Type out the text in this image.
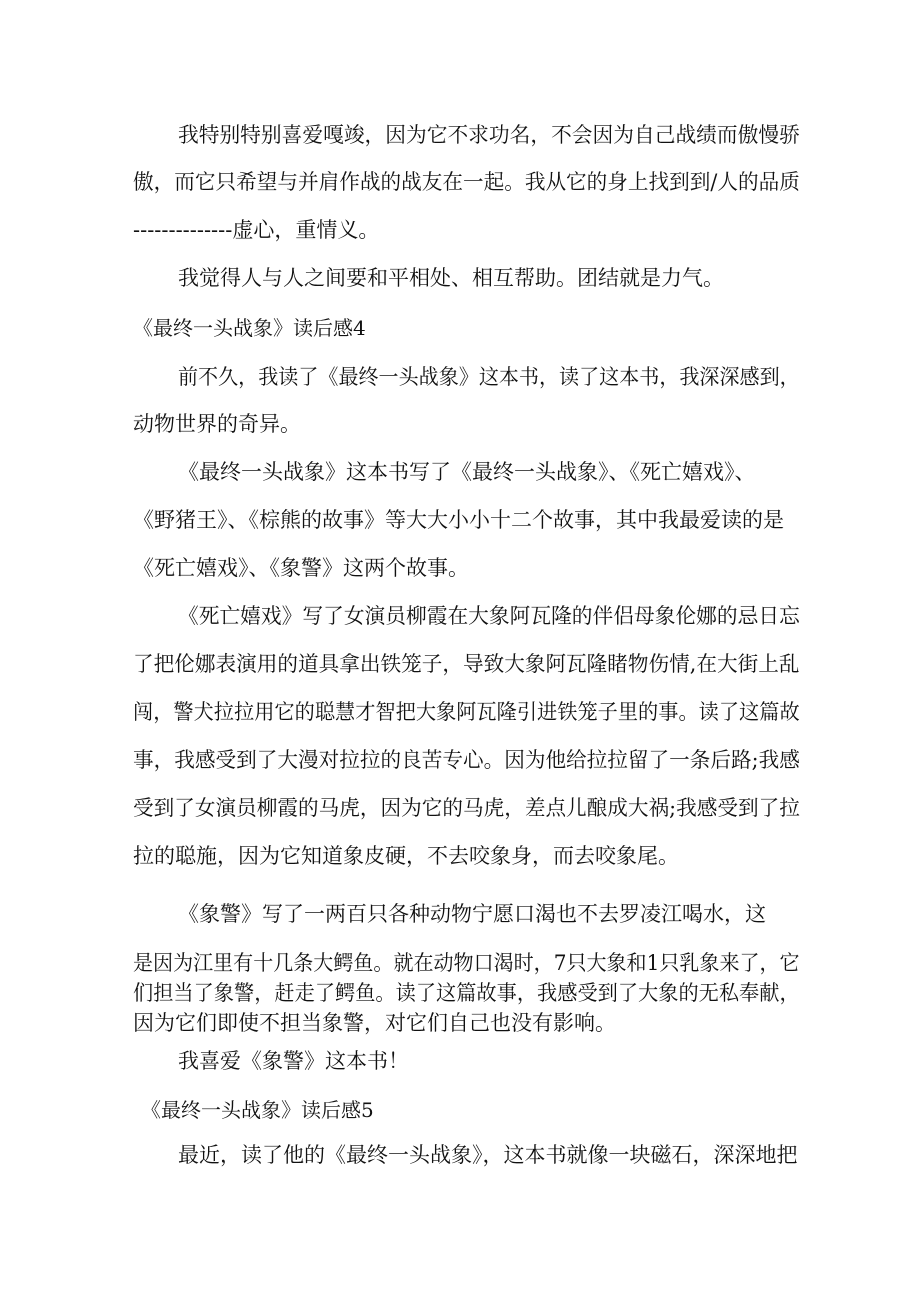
我特别特别喜爱嘎竣，因为它不求功名，不会因为自己战绩而傲慢骄
傲，而它只希望与并肩作战的战友在一起。我从它的身上找到到/人的品质
--------------虚心，重情义。
我觉得人与人之间要和平相处、相互帮助。团结就是力气。
《最终一头战象》读后感4
前不久，我读了《最终一头战象》这本书，读了这本书，我深深感到，
动物世界的奇异。
《最终一头战象》这本书写了《最终一头战象》、《死亡嬉戏》、
《野猪王》、《棕熊的故事》等大大小小十二个故事，其中我最爱读的是
《死亡嬉戏》、《象警》这两个故事。
《死亡嬉戏》写了女演员柳霞在大象阿瓦隆的伴侣母象伦娜的忌日忘
了把伦娜表演用的道具拿出铁笼子，导致大象阿瓦隆睹物伤情,在大街上乱
闯，警犬拉拉用它的聪慧才智把大象阿瓦隆引进铁笼子里的事。读了这篇故
事，我感受到了大漫对拉拉的良苦专心。因为他给拉拉留了一条后路;我感
受到了女演员柳霞的马虎，因为它的马虎，差点儿酿成大祸;我感受到了拉
拉的聪施，因为它知道象皮硬，不去咬象身，而去咬象尾。
《象警》写了一两百只各种动物宁愿口渴也不去罗凌江喝水，这
是因为江里有十几条大鳄鱼。就在动物口渴时，7只大象和1只乳象来了，它
们担当了象警，赶走了鳄鱼。读了这篇故事，我感受到了大象的无私奉献，
因为它们即使不担当象警，对它们自己也没有影响。
我喜爱《象警》这本书！
《最终一头战象》读后感5
最近，读了他的《最终一头战象》，这本书就像一块磁石，深深地把
